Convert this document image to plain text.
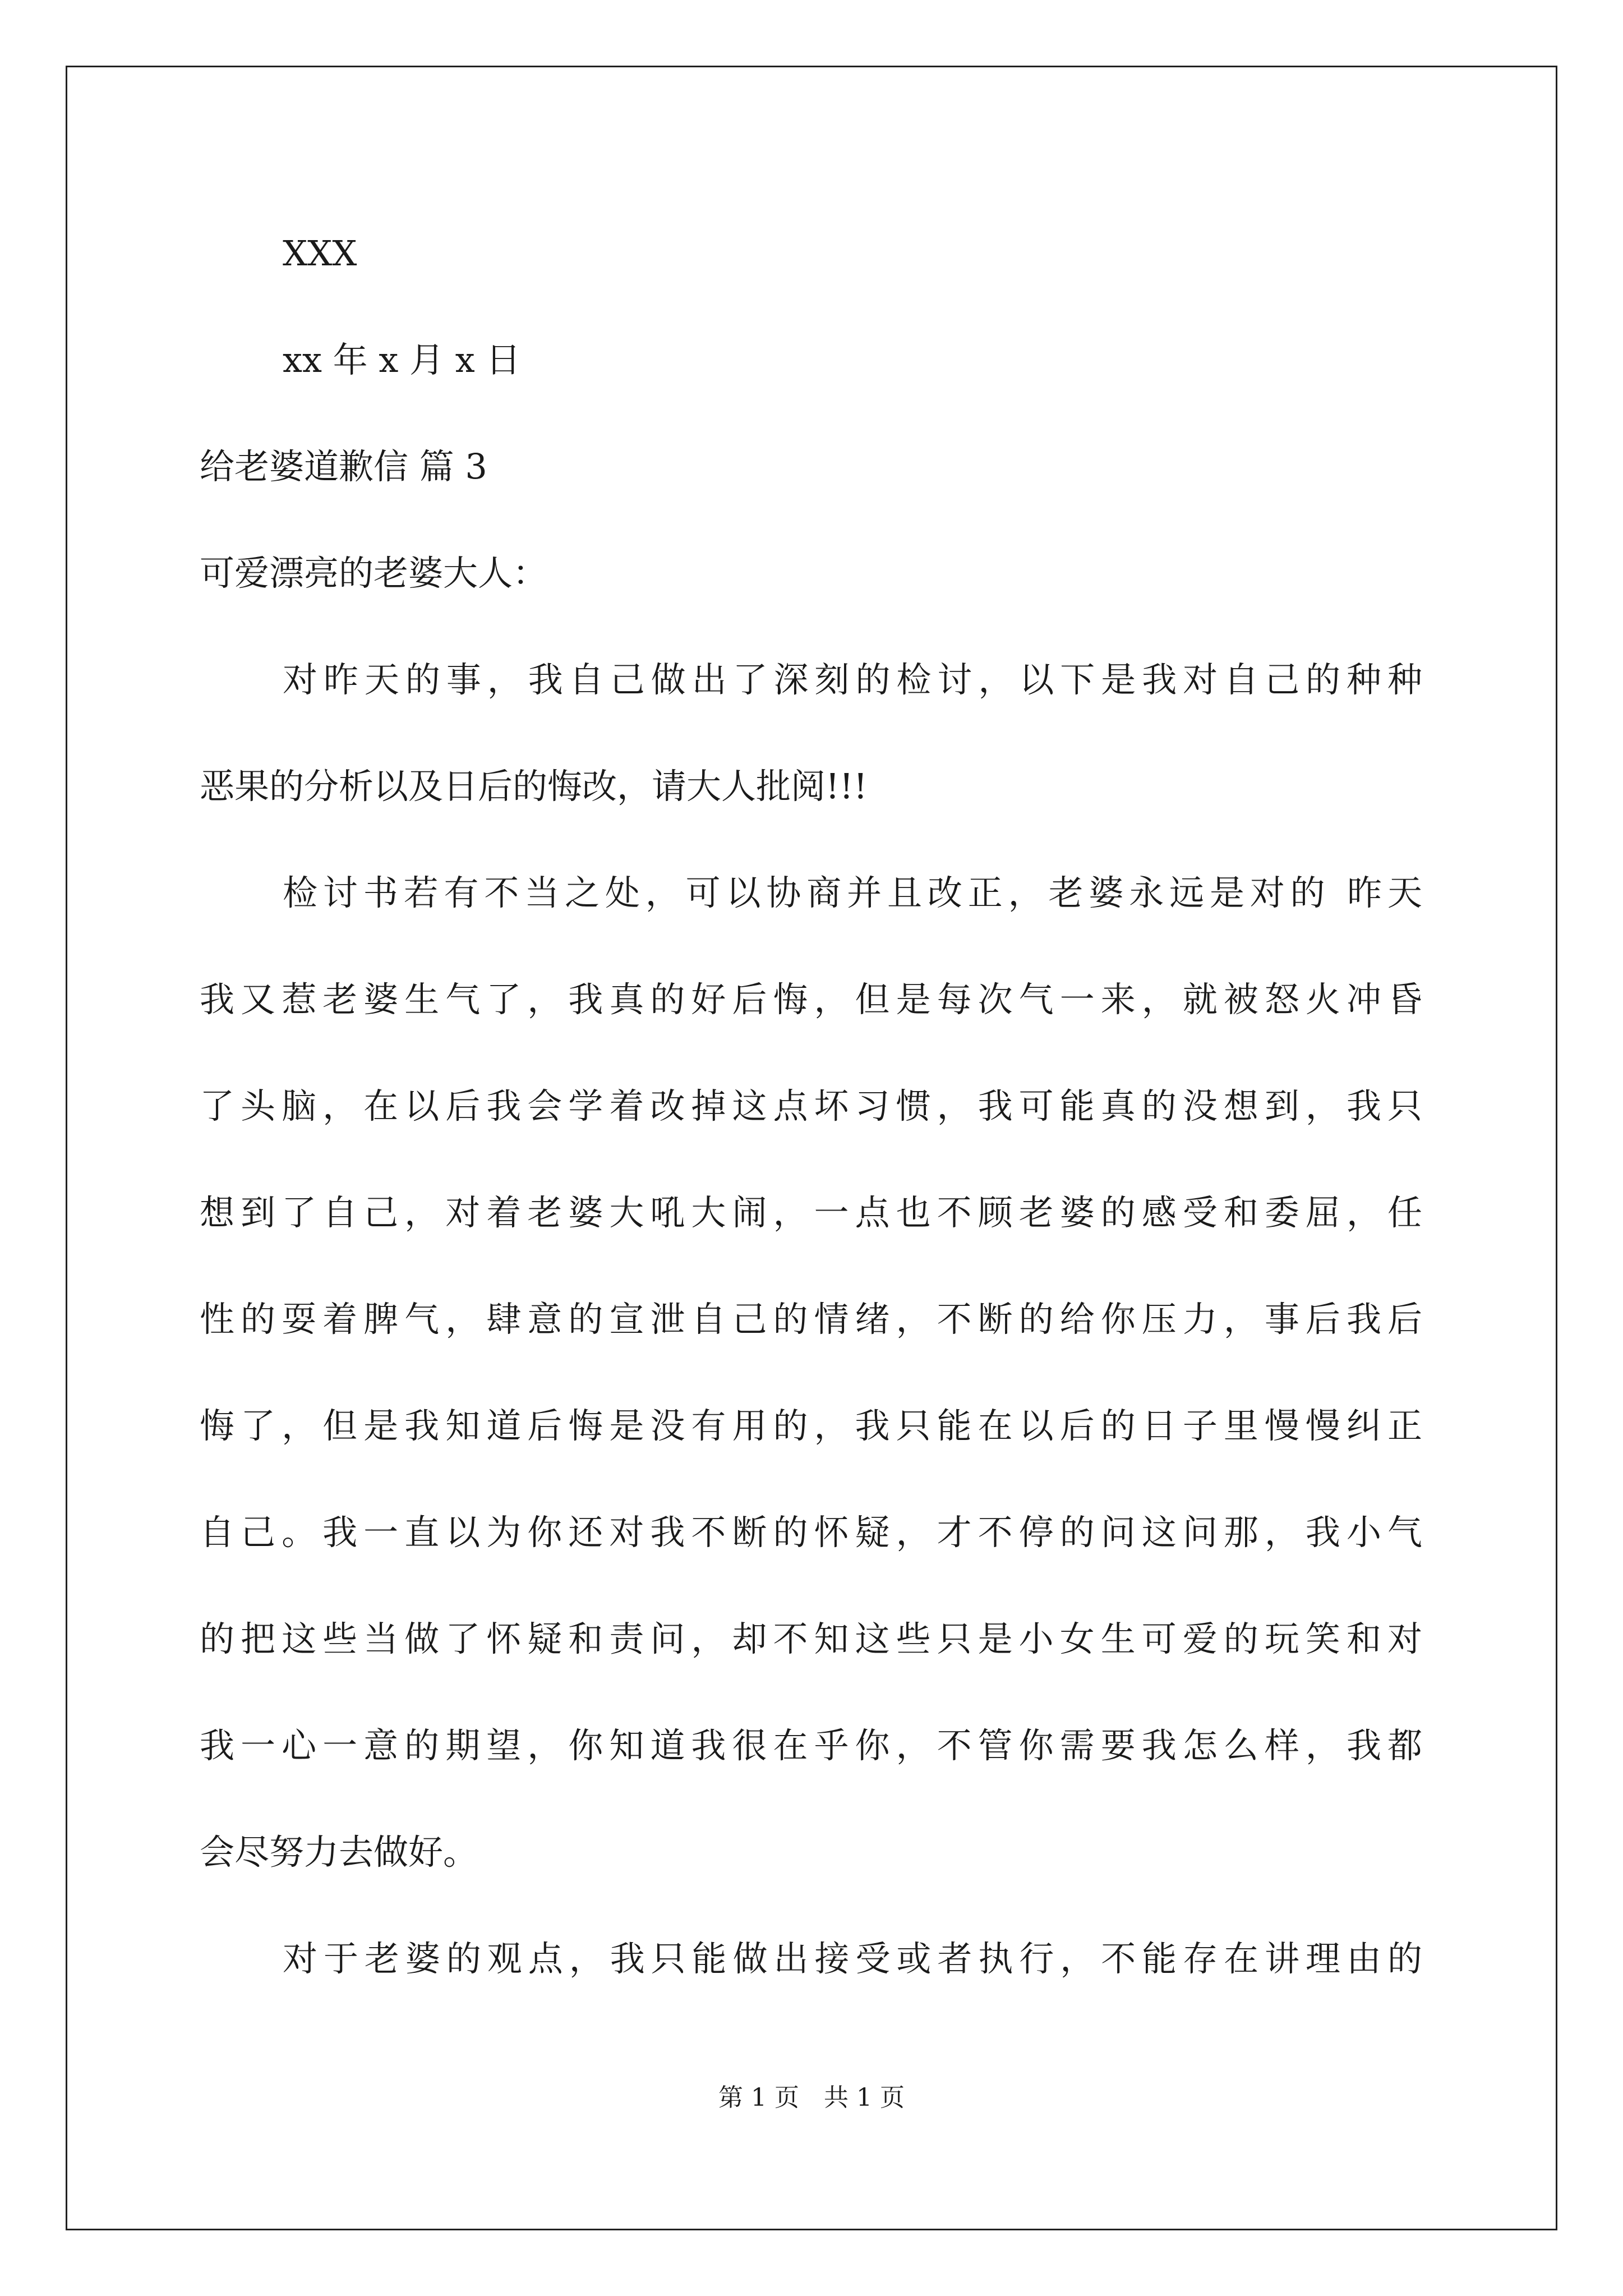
XXX
xx 年 x 月 x 日
给老婆道歉信 篇 3
可爱漂亮的老婆大人：
对昨天的事，我自己做出了深刻的检讨，以下是我对自己的种种
恶果的分析以及日后的悔改，请大人批阅!!!
检讨书若有不当之处，可以协商并且改正，老婆永远是对的 昨天
我又惹老婆生气了，我真的好后悔，但是每次气一来，就被怒火冲昏
了头脑，在以后我会学着改掉这点坏习惯，我可能真的没想到，我只
想到了自己，对着老婆大吼大闹，一点也不顾老婆的感受和委屈，任
性的耍着脾气，肆意的宣泄自己的情绪，不断的给你压力，事后我后
悔了，但是我知道后悔是没有用的，我只能在以后的日子里慢慢纠正
自己。我一直以为你还对我不断的怀疑，才不停的问这问那，我小气
的把这些当做了怀疑和责问，却不知这些只是小女生可爱的玩笑和对
我一心一意的期望，你知道我很在乎你，不管你需要我怎么样，我都
会尽努力去做好。
对于老婆的观点，我只能做出接受或者执行，不能存在讲理由的
第 1 页　共 1 页
